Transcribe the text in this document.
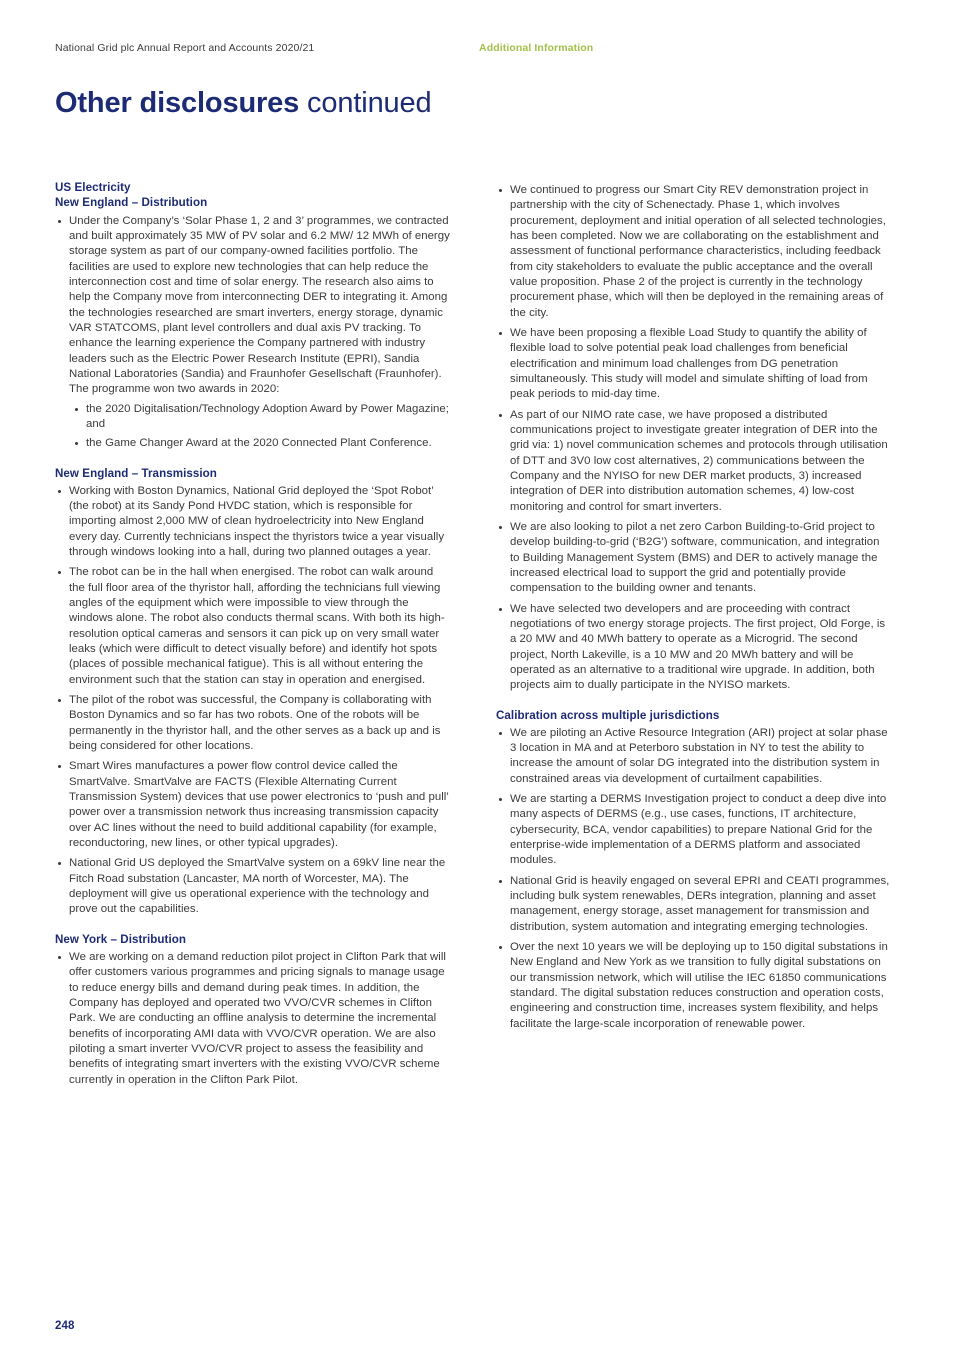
National Grid plc Annual Report and Accounts 2020/21	Additional Information
Other disclosures continued
US Electricity
New England – Distribution
Under the Company’s ‘Solar Phase 1, 2 and 3’ programmes, we contracted and built approximately 35 MW of PV solar and 6.2 MW/ 12 MWh of energy storage system as part of our company-owned facilities portfolio. The facilities are used to explore new technologies that can help reduce the interconnection cost and time of solar energy. The research also aims to help the Company move from interconnecting DER to integrating it. Among the technologies researched are smart inverters, energy storage, dynamic VAR STATCOMS, plant level controllers and dual axis PV tracking. To enhance the learning experience the Company partnered with industry leaders such as the Electric Power Research Institute (EPRI), Sandia National Laboratories (Sandia) and Fraunhofer Gesellschaft (Fraunhofer). The programme won two awards in 2020:
the 2020 Digitalisation/Technology Adoption Award by Power Magazine; and
the Game Changer Award at the 2020 Connected Plant Conference.
New England – Transmission
Working with Boston Dynamics, National Grid deployed the ‘Spot Robot’ (the robot) at its Sandy Pond HVDC station, which is responsible for importing almost 2,000 MW of clean hydroelectricity into New England every day. Currently technicians inspect the thyristors twice a year visually through windows looking into a hall, during two planned outages a year.
The robot can be in the hall when energised. The robot can walk around the full floor area of the thyristor hall, affording the technicians full viewing angles of the equipment which were impossible to view through the windows alone. The robot also conducts thermal scans. With both its high-resolution optical cameras and sensors it can pick up on very small water leaks (which were difficult to detect visually before) and identify hot spots (places of possible mechanical fatigue). This is all without entering the environment such that the station can stay in operation and energised.
The pilot of the robot was successful, the Company is collaborating with Boston Dynamics and so far has two robots. One of the robots will be permanently in the thyristor hall, and the other serves as a back up and is being considered for other locations.
Smart Wires manufactures a power flow control device called the SmartValve. SmartValve are FACTS (Flexible Alternating Current Transmission System) devices that use power electronics to ‘push and pull’ power over a transmission network thus increasing transmission capacity over AC lines without the need to build additional capability (for example, reconductoring, new lines, or other typical upgrades).
National Grid US deployed the SmartValve system on a 69kV line near the Fitch Road substation (Lancaster, MA north of Worcester, MA). The deployment will give us operational experience with the technology and prove out the capabilities.
New York – Distribution
We are working on a demand reduction pilot project in Clifton Park that will offer customers various programmes and pricing signals to manage usage to reduce energy bills and demand during peak times. In addition, the Company has deployed and operated two VVO/CVR schemes in Clifton Park. We are conducting an offline analysis to determine the incremental benefits of incorporating AMI data with VVO/CVR operation. We are also piloting a smart inverter VVO/CVR project to assess the feasibility and benefits of integrating smart inverters with the existing VVO/CVR scheme currently in operation in the Clifton Park Pilot.
We continued to progress our Smart City REV demonstration project in partnership with the city of Schenectady. Phase 1, which involves procurement, deployment and initial operation of all selected technologies, has been completed. Now we are collaborating on the establishment and assessment of functional performance characteristics, including feedback from city stakeholders to evaluate the public acceptance and the overall value proposition. Phase 2 of the project is currently in the technology procurement phase, which will then be deployed in the remaining areas of the city.
We have been proposing a flexible Load Study to quantify the ability of flexible load to solve potential peak load challenges from beneficial electrification and minimum load challenges from DG penetration simultaneously. This study will model and simulate shifting of load from peak periods to mid-day time.
As part of our NIMO rate case, we have proposed a distributed communications project to investigate greater integration of DER into the grid via: 1) novel communication schemes and protocols through utilisation of DTT and 3V0 low cost alternatives, 2) communications between the Company and the NYISO for new DER market products, 3) increased integration of DER into distribution automation schemes, 4) low-cost monitoring and control for smart inverters.
We are also looking to pilot a net zero Carbon Building-to-Grid project to develop building-to-grid (‘B2G’) software, communication, and integration to Building Management System (BMS) and DER to actively manage the increased electrical load to support the grid and potentially provide compensation to the building owner and tenants.
We have selected two developers and are proceeding with contract negotiations of two energy storage projects. The first project, Old Forge, is a 20 MW and 40 MWh battery to operate as a Microgrid. The second project, North Lakeville, is a 10 MW and 20 MWh battery and will be operated as an alternative to a traditional wire upgrade. In addition, both projects aim to dually participate in the NYISO markets.
Calibration across multiple jurisdictions
We are piloting an Active Resource Integration (ARI) project at solar phase 3 location in MA and at Peterboro substation in NY to test the ability to increase the amount of solar DG integrated into the distribution system in constrained areas via development of curtailment capabilities.
We are starting a DERMS Investigation project to conduct a deep dive into many aspects of DERMS (e.g., use cases, functions, IT architecture, cybersecurity, BCA, vendor capabilities) to prepare National Grid for the enterprise-wide implementation of a DERMS platform and associated modules.
National Grid is heavily engaged on several EPRI and CEATI programmes, including bulk system renewables, DERs integration, planning and asset management, energy storage, asset management for transmission and distribution, system automation and integrating emerging technologies.
Over the next 10 years we will be deploying up to 150 digital substations in New England and New York as we transition to fully digital substations on our transmission network, which will utilise the IEC 61850 communications standard. The digital substation reduces construction and operation costs, engineering and construction time, increases system flexibility, and helps facilitate the large-scale incorporation of renewable power.
248
